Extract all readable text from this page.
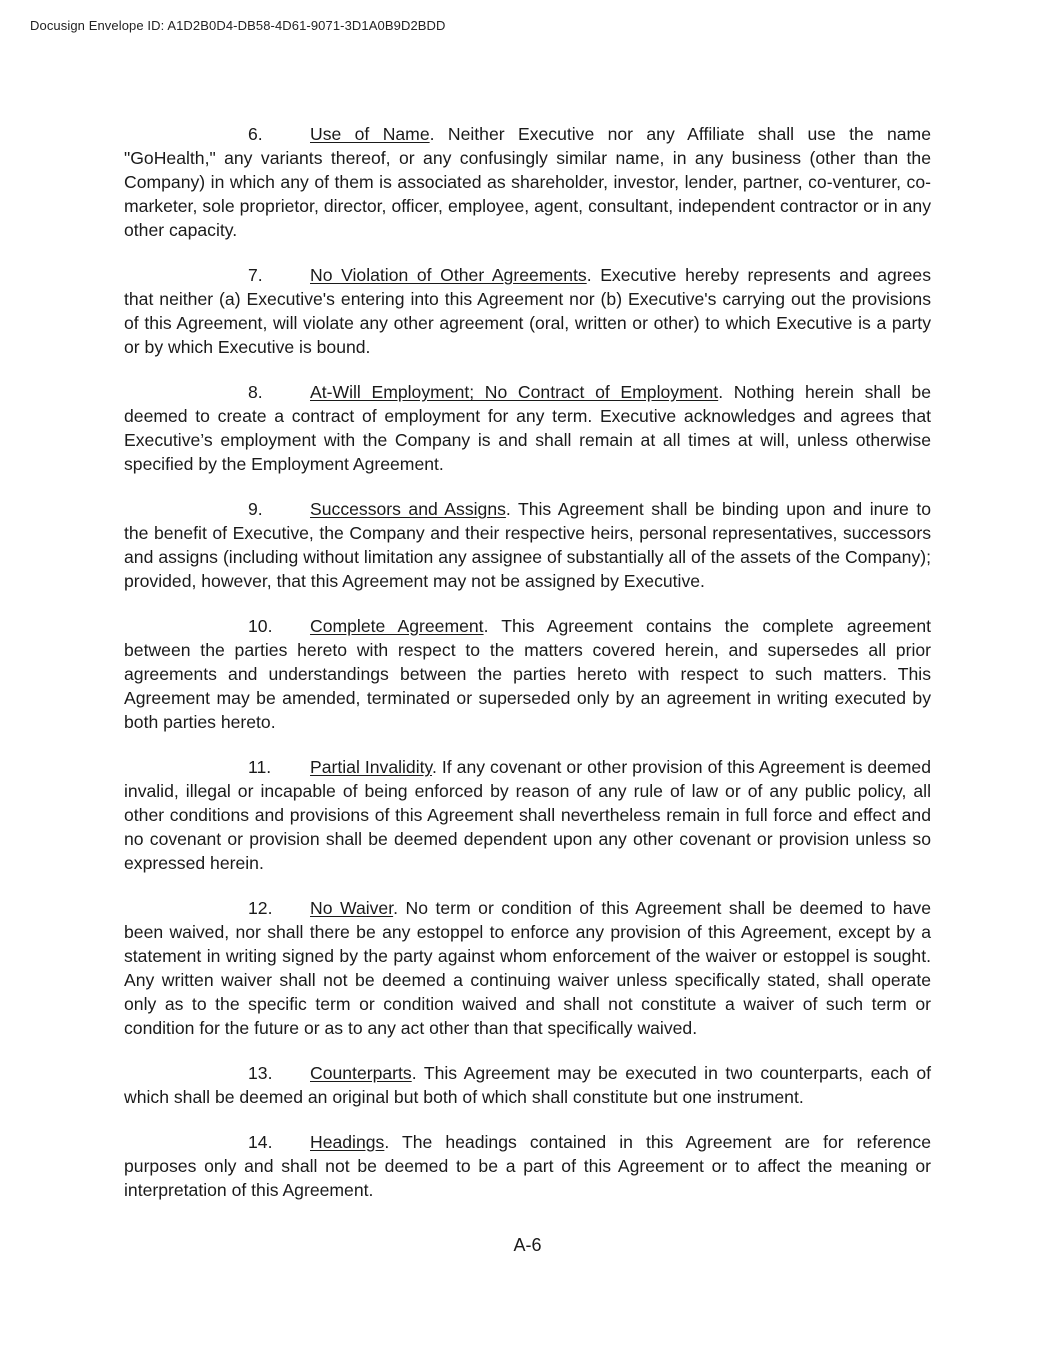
Docusign Envelope ID: A1D2B0D4-DB58-4D61-9071-3D1A0B9D2BDD

6.	Use of Name. Neither Executive nor any Affiliate shall use the name "GoHealth," any variants thereof, or any confusingly similar name, in any business (other than the Company) in which any of them is associated as shareholder, investor, lender, partner, co-venturer, co-marketer, sole proprietor, director, officer, employee, agent, consultant, independent contractor or in any other capacity.

7.	No Violation of Other Agreements. Executive hereby represents and agrees that neither (a) Executive's entering into this Agreement nor (b) Executive's carrying out the provisions of this Agreement, will violate any other agreement (oral, written or other) to which Executive is a party or by which Executive is bound.

8.	At-Will Employment; No Contract of Employment. Nothing herein shall be deemed to create a contract of employment for any term. Executive acknowledges and agrees that Executive’s employment with the Company is and shall remain at all times at will, unless otherwise specified by the Employment Agreement.

9.	Successors and Assigns. This Agreement shall be binding upon and inure to the benefit of Executive, the Company and their respective heirs, personal representatives, successors and assigns (including without limitation any assignee of substantially all of the assets of the Company); provided, however, that this Agreement may not be assigned by Executive.

10. Complete Agreement. This Agreement contains the complete agreement between the parties hereto with respect to the matters covered herein, and supersedes all prior agreements and understandings between the parties hereto with respect to such matters. This Agreement may be amended, terminated or superseded only by an agreement in writing executed by both parties hereto.

11. Partial Invalidity. If any covenant or other provision of this Agreement is deemed invalid, illegal or incapable of being enforced by reason of any rule of law or of any public policy, all other conditions and provisions of this Agreement shall nevertheless remain in full force and effect and no covenant or provision shall be deemed dependent upon any other covenant or provision unless so expressed herein.

12. No Waiver. No term or condition of this Agreement shall be deemed to have been waived, nor shall there be any estoppel to enforce any provision of this Agreement, except by a statement in writing signed by the party against whom enforcement of the waiver or estoppel is sought. Any written waiver shall not be deemed a continuing waiver unless specifically stated, shall operate only as to the specific term or condition waived and shall not constitute a waiver of such term or condition for the future or as to any act other than that specifically waived.

13. Counterparts. This Agreement may be executed in two counterparts, each of which shall be deemed an original but both of which shall constitute but one instrument.

14. Headings. The headings contained in this Agreement are for reference purposes only and shall not be deemed to be a part of this Agreement or to affect the meaning or interpretation of this Agreement.

A-6
